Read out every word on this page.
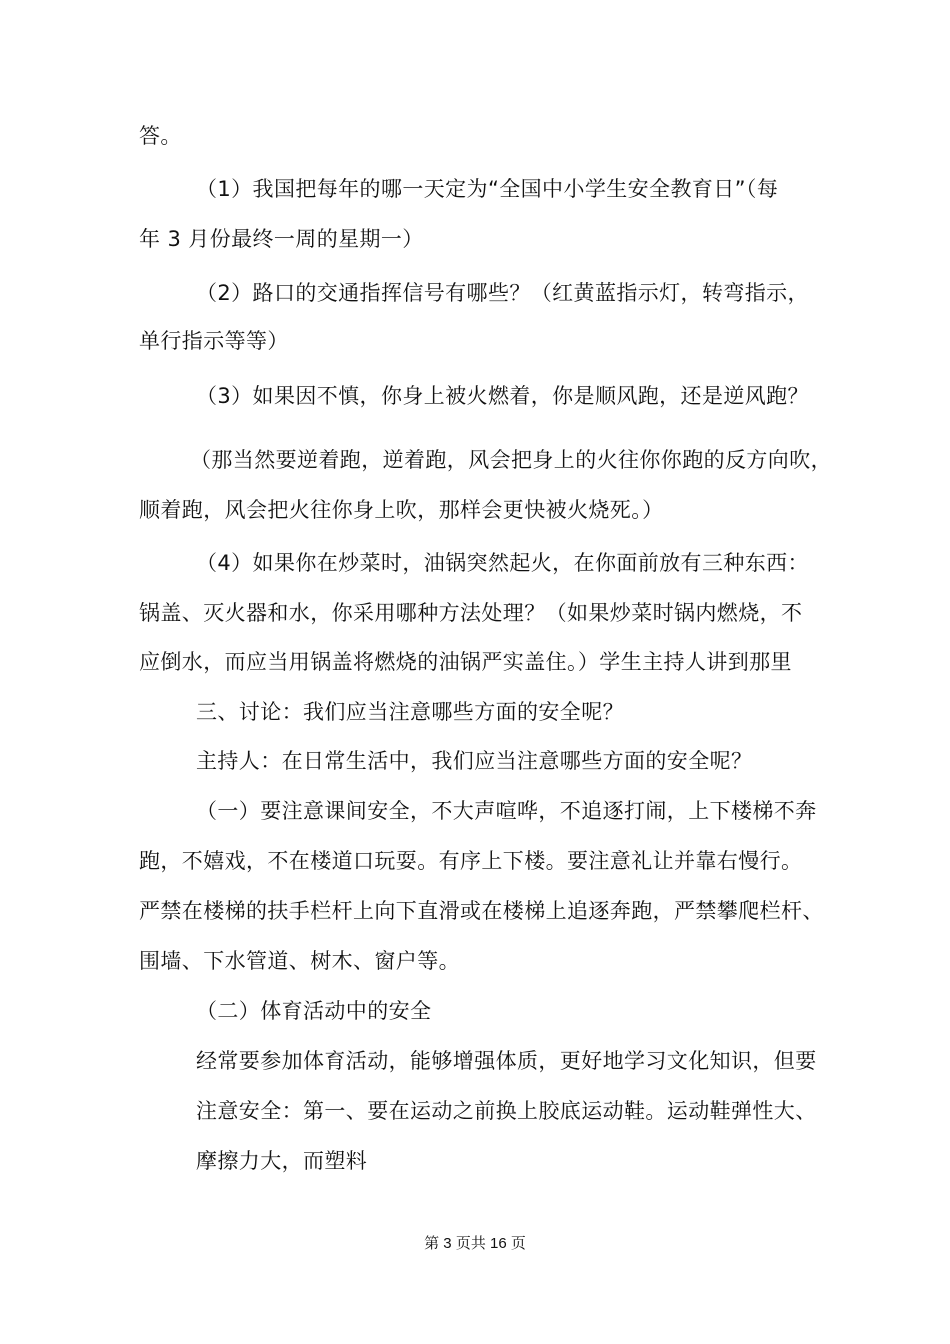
答。
（1）我国把每年的哪一天定为“全国中小学生安全教育日”（每
年 3 月份最终一周的星期一）
（2）路口的交通指挥信号有哪些？（红黄蓝指示灯，转弯指示，
单行指示等等）
（3）如果因不慎，你身上被火燃着，你是顺风跑，还是逆风跑？
（那当然要逆着跑，逆着跑，风会把身上的火往你你跑的反方向吹，
顺着跑，风会把火往你身上吹，那样会更快被火烧死。）
（4）如果你在炒菜时，油锅突然起火，在你面前放有三种东西：
锅盖、灭火器和水，你采用哪种方法处理？（如果炒菜时锅内燃烧，不
应倒水，而应当用锅盖将燃烧的油锅严实盖住。）学生主持人讲到那里
三、讨论：我们应当注意哪些方面的安全呢？
主持人：在日常生活中，我们应当注意哪些方面的安全呢？
（一）要注意课间安全，不大声喧哗，不追逐打闹，上下楼梯不奔
跑，不嬉戏，不在楼道口玩耍。有序上下楼。要注意礼让并靠右慢行。
严禁在楼梯的扶手栏杆上向下直滑或在楼梯上追逐奔跑，严禁攀爬栏杆、
围墙、下水管道、树木、窗户等。
（二）体育活动中的安全
经常要参加体育活动，能够增强体质，更好地学习文化知识，但要
注意安全：第一、要在运动之前换上胶底运动鞋。运动鞋弹性大、
摩擦力大，而塑料
第 3 页共 16 页
